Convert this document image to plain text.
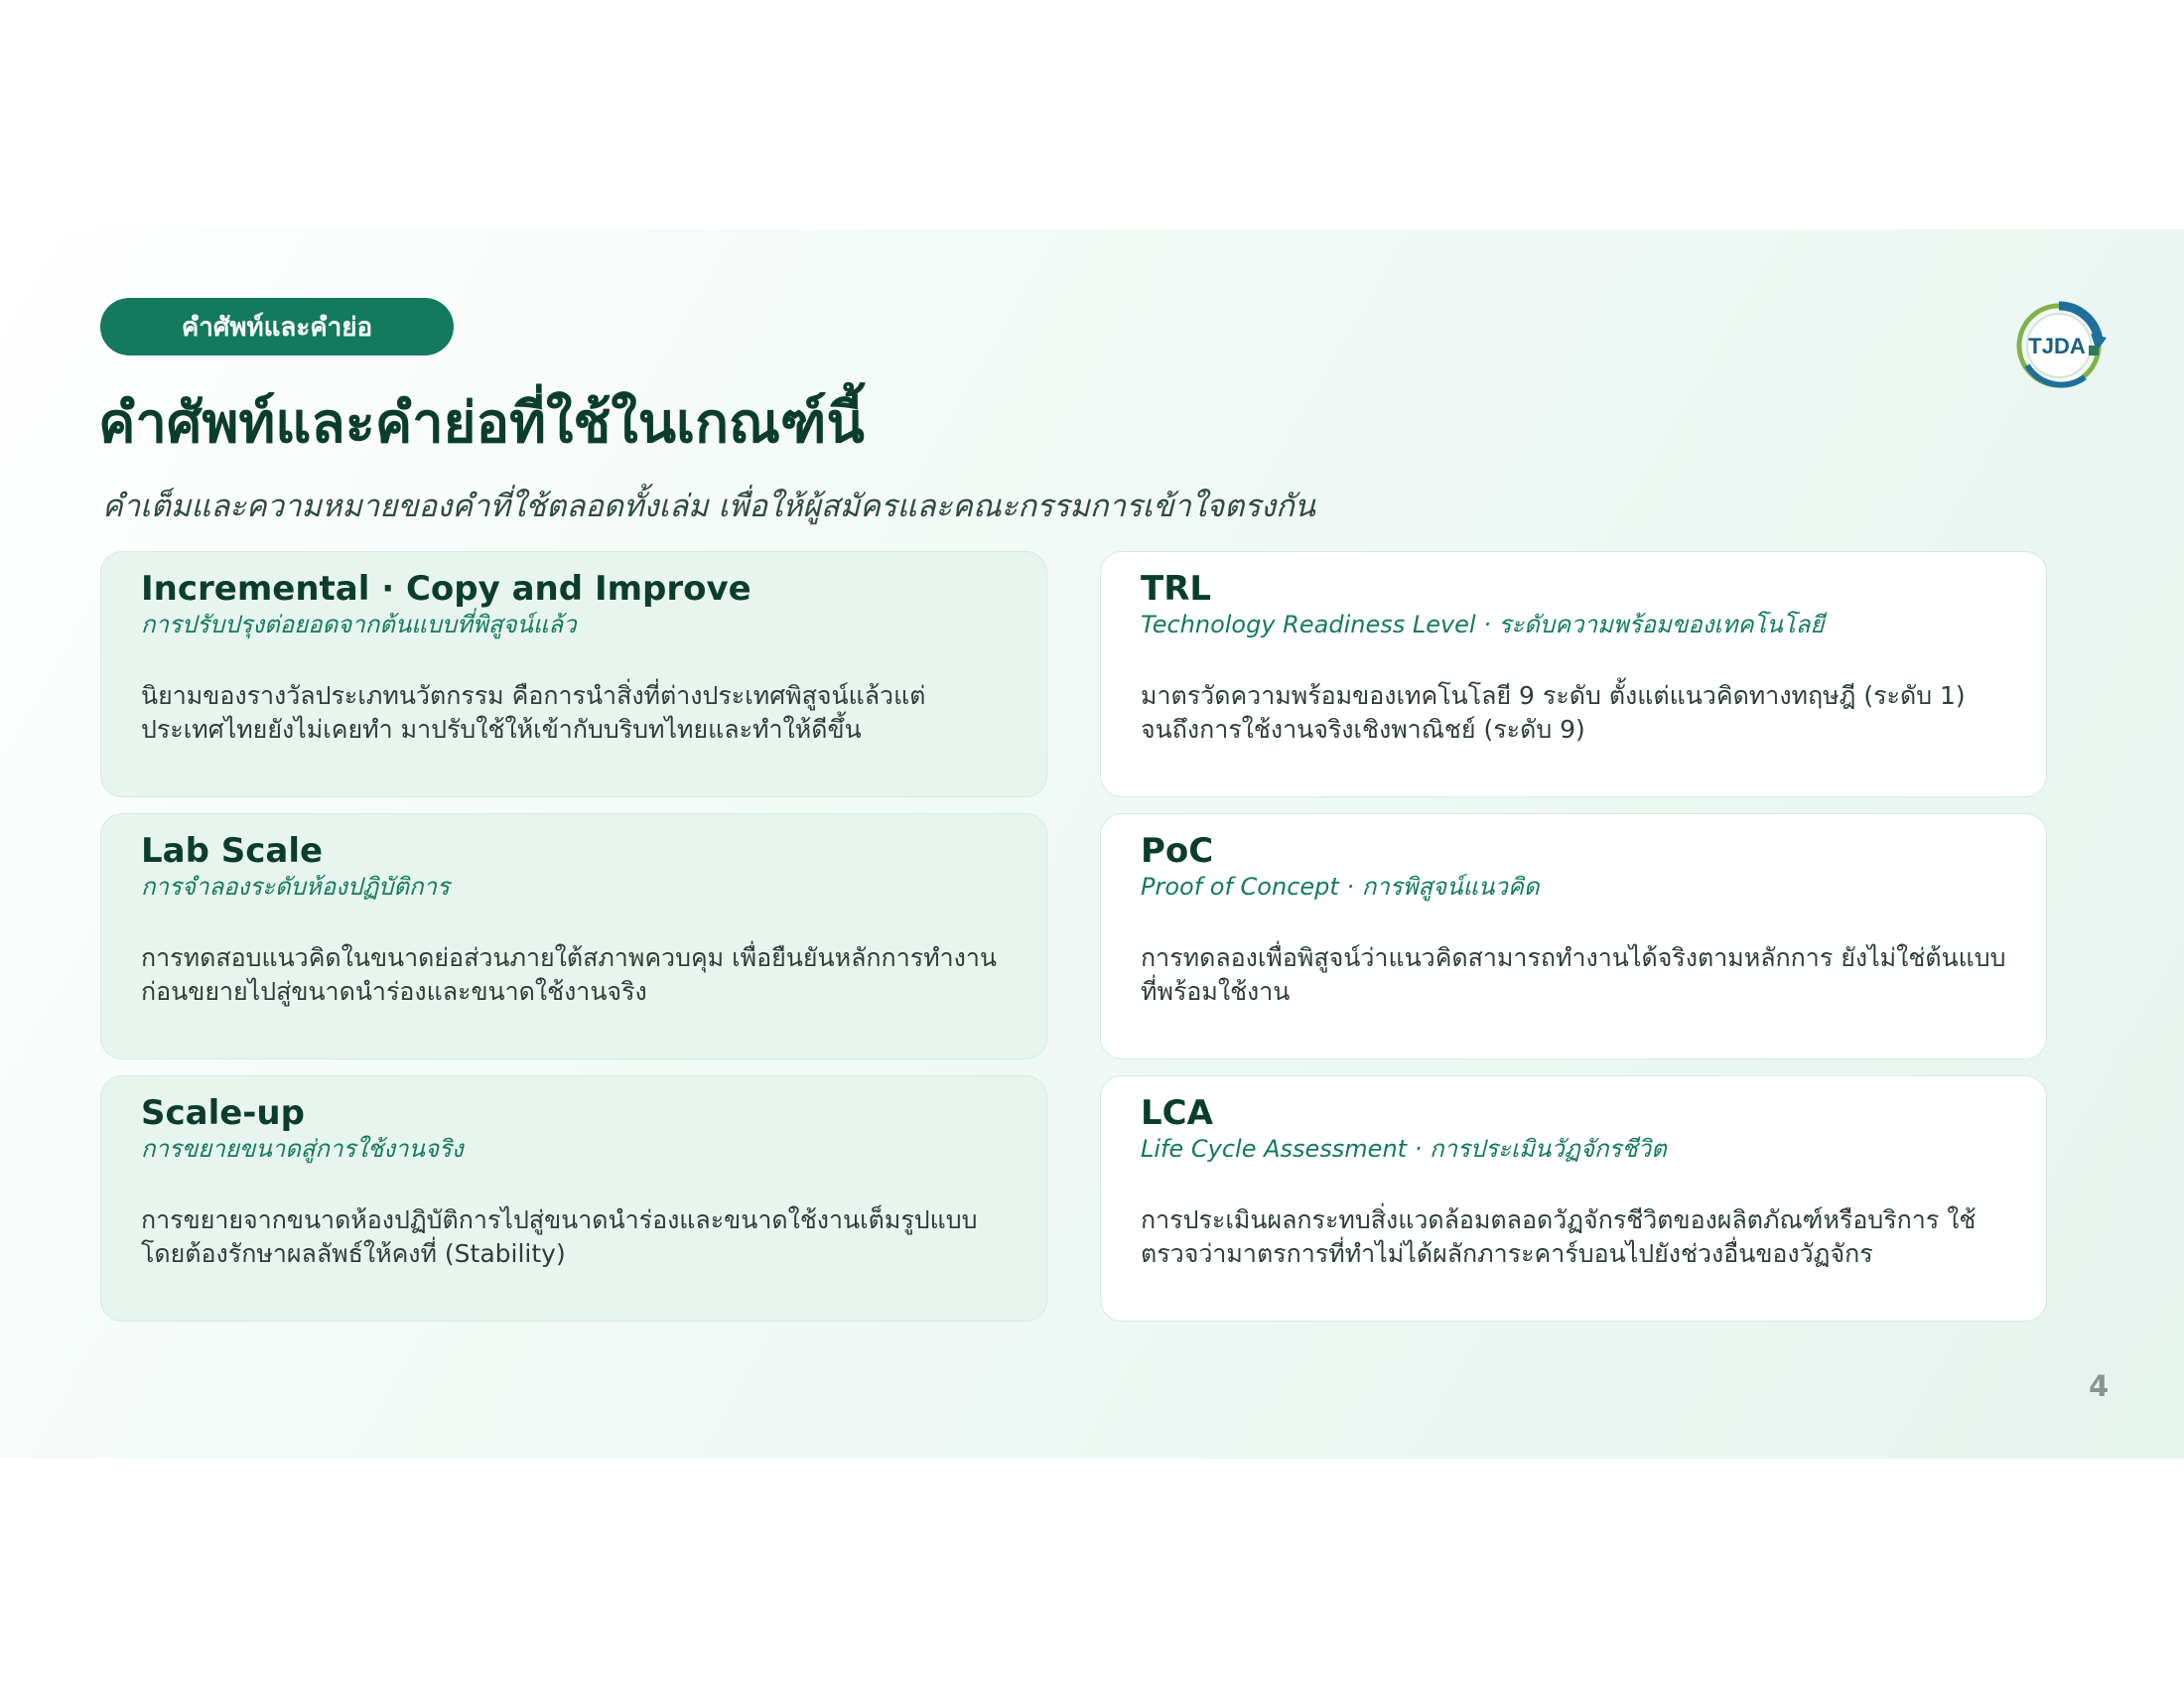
คำศัพท์และคำย่อ
TJDA
คำศัพท์และคำย่อที่ใช้ในเกณฑ์นี้

คำเต็มและความหมายของคำที่ใช้ตลอดทั้งเล่ม เพื่อให้ผู้สมัครและคณะกรรมการเข้าใจตรงกัน

Incremental · Copy and Improve
การปรับปรุงต่อยอดจากต้นแบบที่พิสูจน์แล้ว
นิยามของรางวัลประเภทนวัตกรรม คือการนำสิ่งที่ต่างประเทศพิสูจน์แล้วแต่ประเทศไทยยังไม่เคยทำ มาปรับใช้ให้เข้ากับบริบทไทยและทำให้ดีขึ้น
TRL
Technology Readiness Level · ระดับความพร้อมของเทคโนโลยี
มาตรวัดความพร้อมของเทคโนโลยี 9 ระดับ ตั้งแต่แนวคิดทางทฤษฎี (ระดับ 1) จนถึงการใช้งานจริงเชิงพาณิชย์ (ระดับ 9)
Lab Scale
การจำลองระดับห้องปฏิบัติการ
การทดสอบแนวคิดในขนาดย่อส่วนภายใต้สภาพควบคุม เพื่อยืนยันหลักการทำงานก่อนขยายไปสู่ขนาดนำร่องและขนาดใช้งานจริง
PoC
Proof of Concept · การพิสูจน์แนวคิด
การทดลองเพื่อพิสูจน์ว่าแนวคิดสามารถทำงานได้จริงตามหลักการ ยังไม่ใช่ต้นแบบที่พร้อมใช้งาน
Scale-up
การขยายขนาดสู่การใช้งานจริง
การขยายจากขนาดห้องปฏิบัติการไปสู่ขนาดนำร่องและขนาดใช้งานเต็มรูปแบบ โดยต้องรักษาผลลัพธ์ให้คงที่ (Stability)
LCA
Life Cycle Assessment · การประเมินวัฏจักรชีวิต
การประเมินผลกระทบสิ่งแวดล้อมตลอดวัฏจักรชีวิตของผลิตภัณฑ์หรือบริการ ใช้ตรวจว่ามาตรการที่ทำไม่ได้ผลักภาระคาร์บอนไปยังช่วงอื่นของวัฏจักร
4
